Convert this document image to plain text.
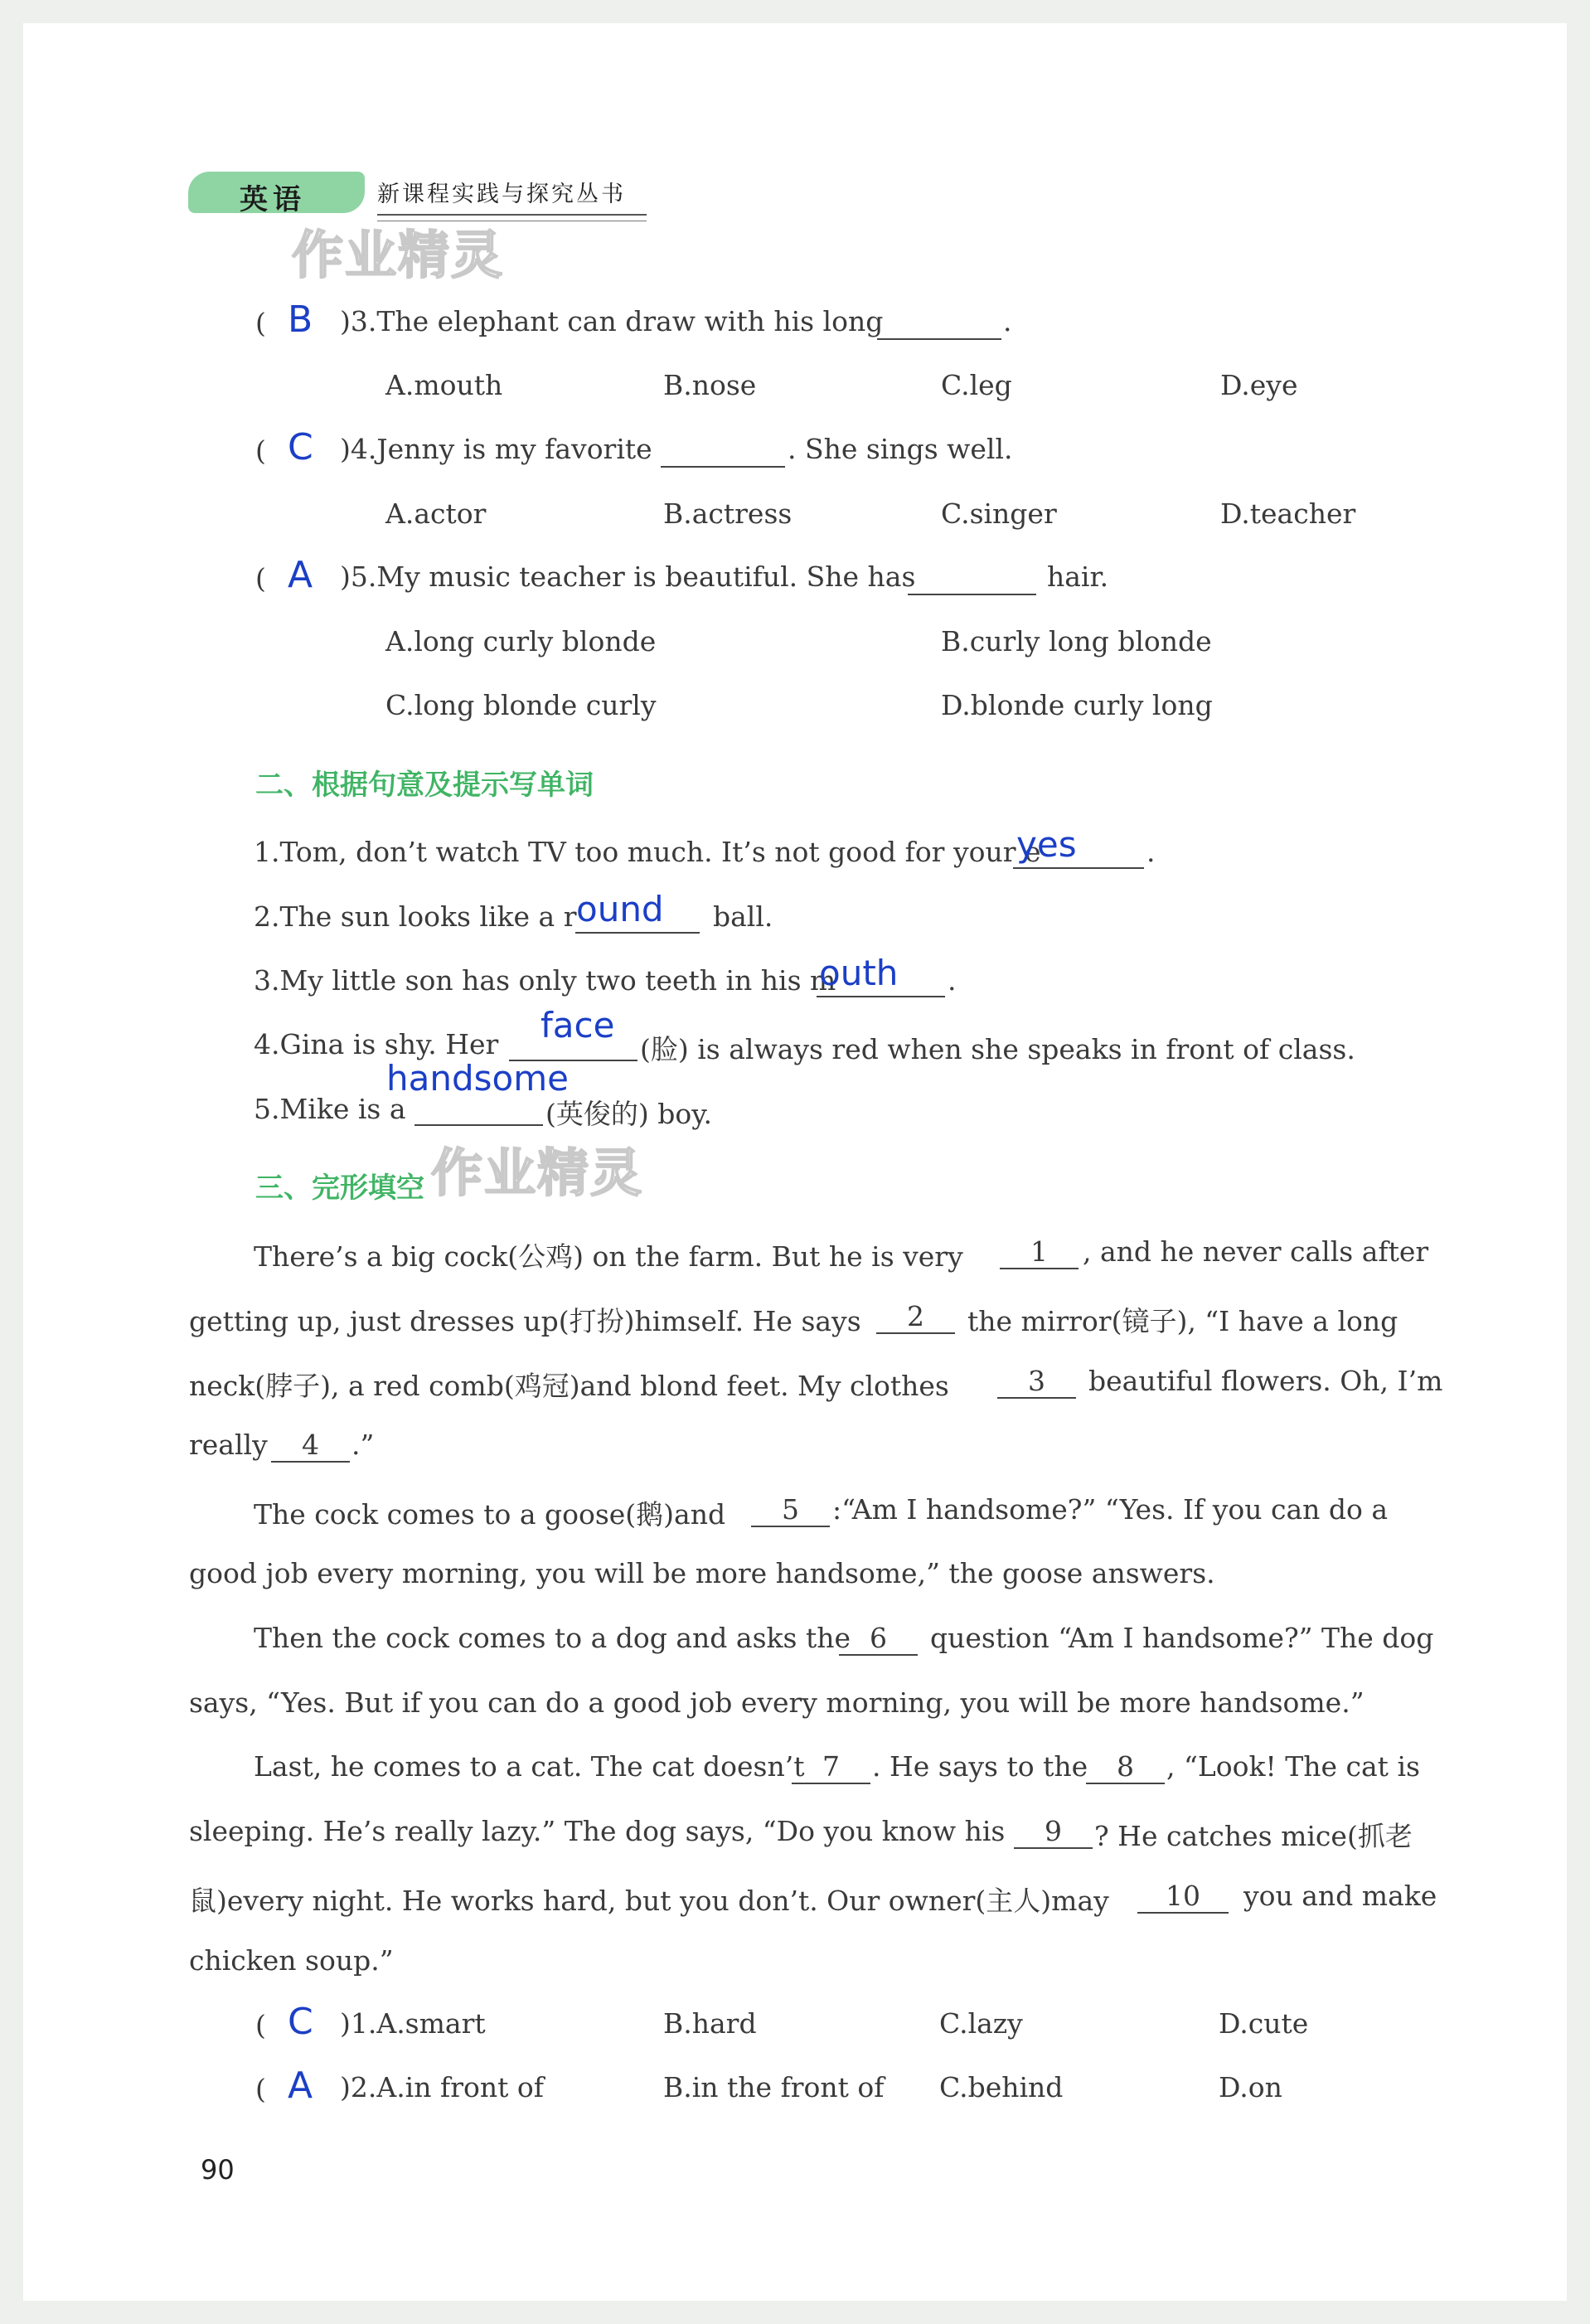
英语	新课程实践与探究丛书
作业精灵
( B )3.The elephant can draw with his long	.
A.mouth	B.nose	C.leg	D.eye
( C )4.Jenny is my favorite	. She sings well.
A.actor	B.actress	C.singer	D.teacher
( A )5.My music teacher is beautiful. She has	hair.
A.long curly blonde	B.curly long blonde
C.long blonde curly	D.blonde curly long
二、根据句意及提示写单词
1.Tom, don’t watch TV too much. It’s not good for your e
yes	.
2.The sun looks like a r ound ball.
3.My little son has only two teeth in his m
outh .
4.Gina is shy. Her face
(脸) is always red when she speaks in front of class.
5.Mike is a
handsome
(英俊的) boy.
作业精灵
三、完形填空
There’s a big cock(公鸡) on the farm. But he is very	1	, and he never calls after
getting up, just dresses up(打扮)himself. He says	2	the mirror(镜子), “I have a long
neck(脖子), a red comb(鸡冠)and blond feet. My clothes	3	beautiful flowers. Oh, I’m
really	4	.”
The cock comes to a goose(鹅)and	5	:“Am I handsome?” “Yes. If you can do a
good job every morning, you will be more handsome,” the goose answers.
Then the cock comes to a dog and asks the 6	question “Am I handsome?” The dog
says, “Yes. But if you can do a good job every morning, you will be more handsome.”
Last, he comes to a cat. The cat doesn’t 7	. He says to the	8	, “Look! The cat is
sleeping. He’s really lazy.” The dog says, “Do you know his	9	? He catches mice(抓老
鼠)every night. He works hard, but you don’t. Our owner(主人)may	10	you and make
chicken soup.”
( C )1.A.smart	B.hard	C.lazy	D.cute
( A )2.A.in front of	B.in the front of C.behind	D.on
90
